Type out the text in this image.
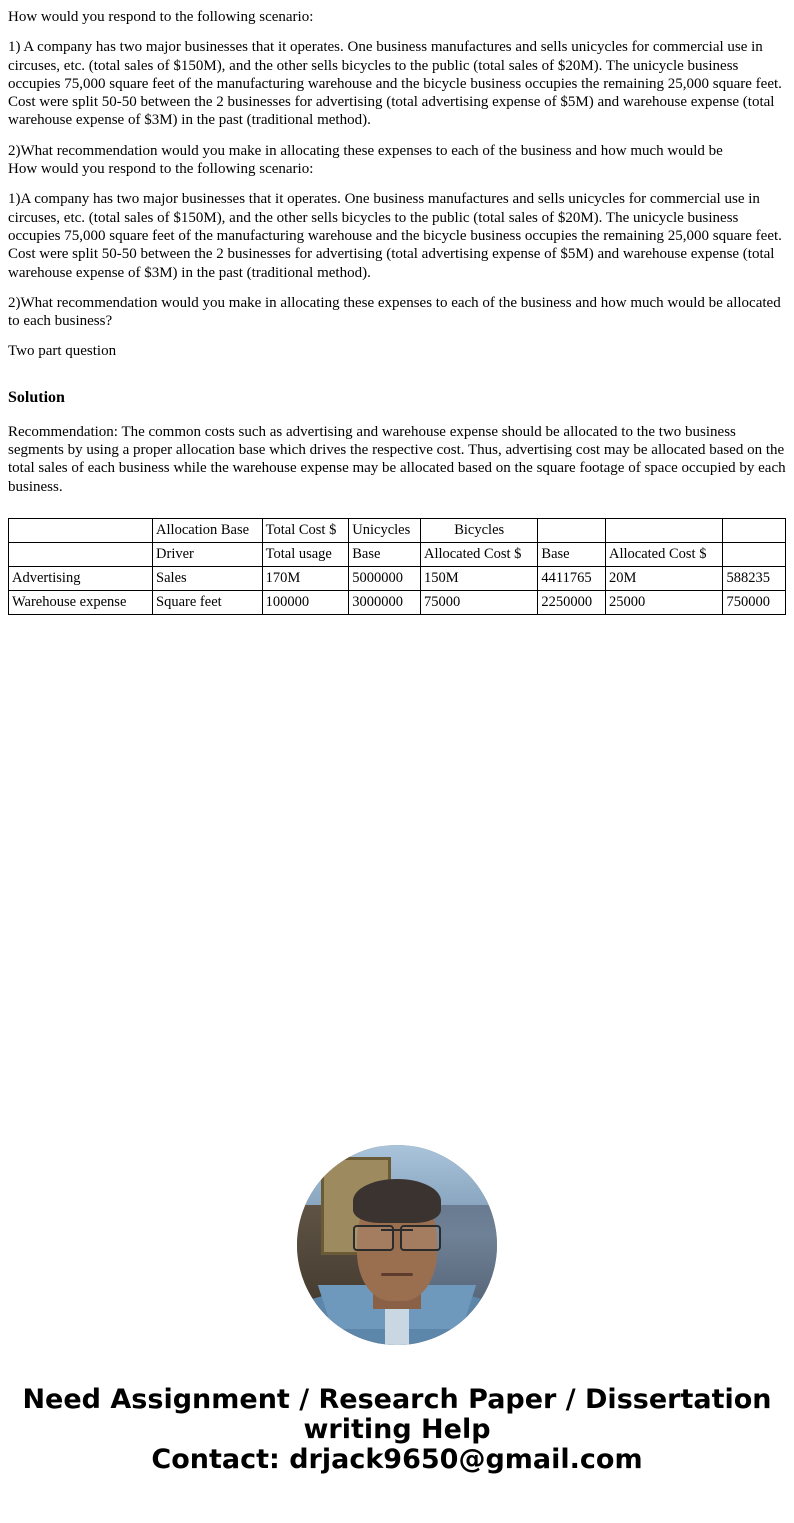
How would you respond to the following scenario:

1) A company has two major businesses that it operates. One business manufactures and sells unicycles for commercial use in circuses, etc. (total sales of $150M), and the other sells bicycles to the public (total sales of $20M). The unicycle business occupies 75,000 square feet of the manufacturing warehouse and the bicycle business occupies the remaining 25,000 square feet. Cost were split 50-50 between the 2 businesses for advertising (total advertising expense of $5M) and warehouse expense (total warehouse expense of $3M) in the past (traditional method).

2)What recommendation would you make in allocating these expenses to each of the business and how much would be

How would you respond to the following scenario:

1)A company has two major businesses that it operates. One business manufactures and sells unicycles for commercial use in circuses, etc. (total sales of $150M), and the other sells bicycles to the public (total sales of $20M). The unicycle business occupies 75,000 square feet of the manufacturing warehouse and the bicycle business occupies the remaining 25,000 square feet. Cost were split 50-50 between the 2 businesses for advertising (total advertising expense of $5M) and warehouse expense (total warehouse expense of $3M) in the past (traditional method).

2)What recommendation would you make in allocating these expenses to each of the business and how much would be allocated to each business?

Two part question

Solution

Recommendation: The common costs such as advertising and warehouse expense should be allocated to the two business segments by using a proper allocation base which drives the respective cost. Thus, advertising cost may be allocated based on the total sales of each business while the warehouse expense may be allocated based on the square footage of space occupied by each business.

	Allocation Base	Total Cost $	Unicycles	Bicycles			
	Driver	Total usage	Base	Allocated Cost $	Base	Allocated Cost $	
Advertising	Sales	170M	5000000	150M	4411765	20M	588235
Warehouse expense	Square feet	100000	3000000	75000	2250000	25000	750000
Need Assignment / Research Paper / Dissertation
writing Help
Contact: drjack9650@gmail.com
